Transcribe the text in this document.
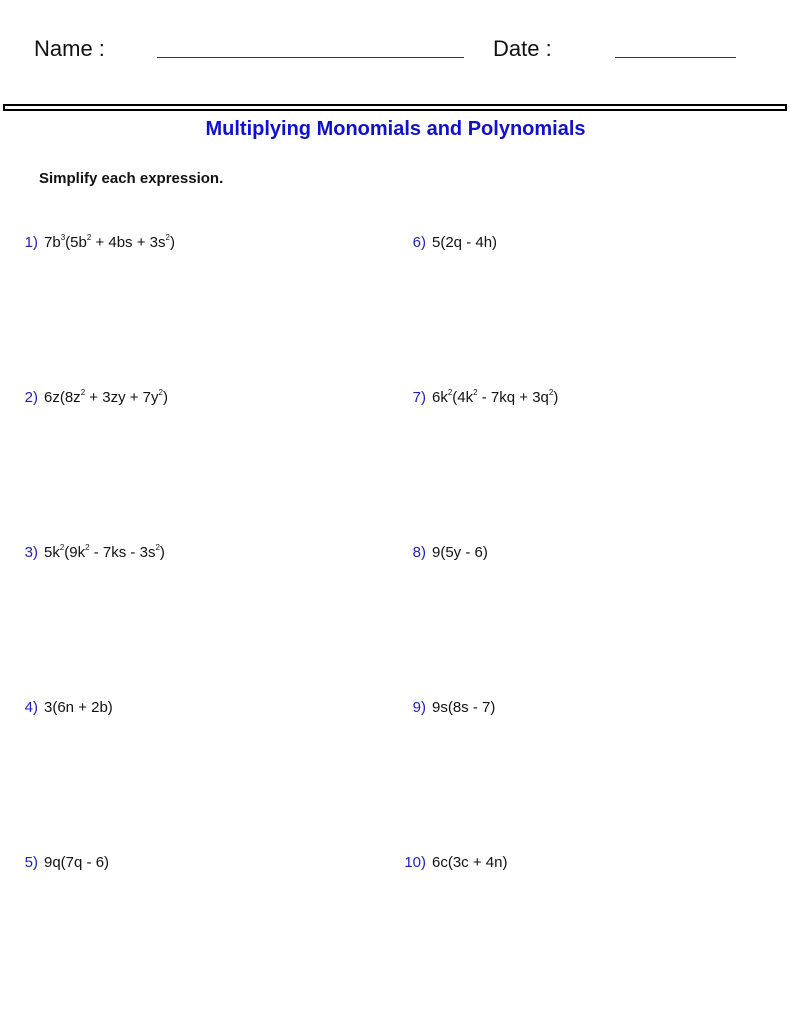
Name :	Date :
Multiplying Monomials and Polynomials
Simplify each expression.
1) $7b^3(5b^2 + 4bs + 3s^2)$
2) $6z(8z^2 + 3zy + 7y^2)$
3) $5k^2(9k^2 - 7ks - 3s^2)$
4) 3(6n + 2b)
5) 9q(7q - 6)
6) 5(2q - 4h)
7) $6k^2(4k^2 - 7kq + 3q^2)$
8) 9(5y - 6)
9) 9s(8s - 7)
10) 6c(3c + 4n)
